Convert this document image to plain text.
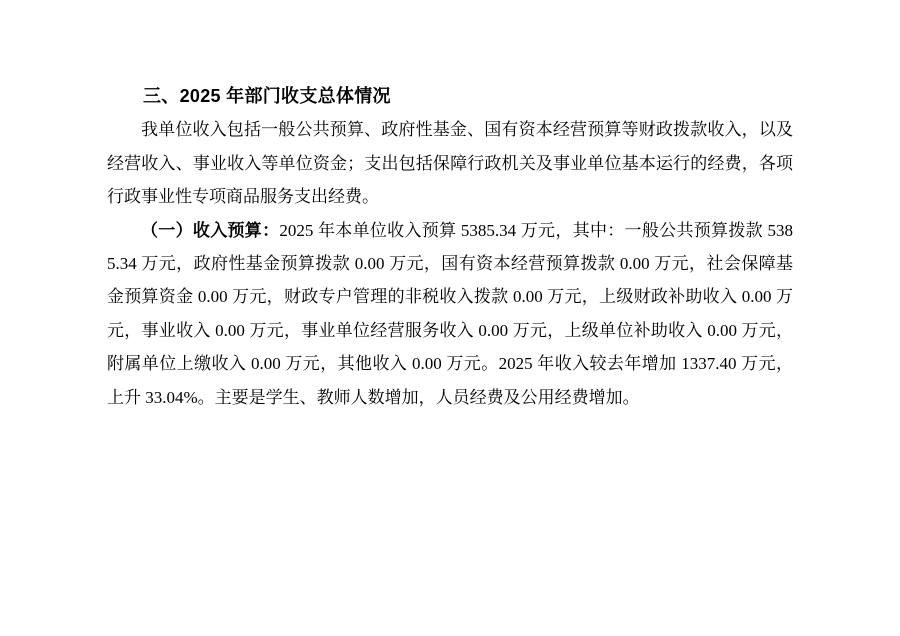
三、2025 年部门收支总体情况

我单位收入包括一般公共预算、政府性基金、国有资本经营预算等财政拨款收入，以及经营收入、事业收入等单位资金；支出包括保障行政机关及事业单位基本运行的经费，各项行政事业性专项商品服务支出经费。

（一）收入预算：2025 年本单位收入预算 5385.34 万元，其中：一般公共预算拨款 5385.34 万元，政府性基金预算拨款 0.00 万元，国有资本经营预算拨款 0.00 万元，社会保障基金预算资金 0.00 万元，财政专户管理的非税收入拨款 0.00 万元，上级财政补助收入 0.00 万元，事业收入 0.00 万元，事业单位经营服务收入 0.00 万元，上级单位补助收入 0.00 万元，附属单位上缴收入 0.00 万元，其他收入 0.00 万元。2025 年收入较去年增加 1337.40 万元，上升 33.04%。主要是学生、教师人数增加，人员经费及公用经费增加。
